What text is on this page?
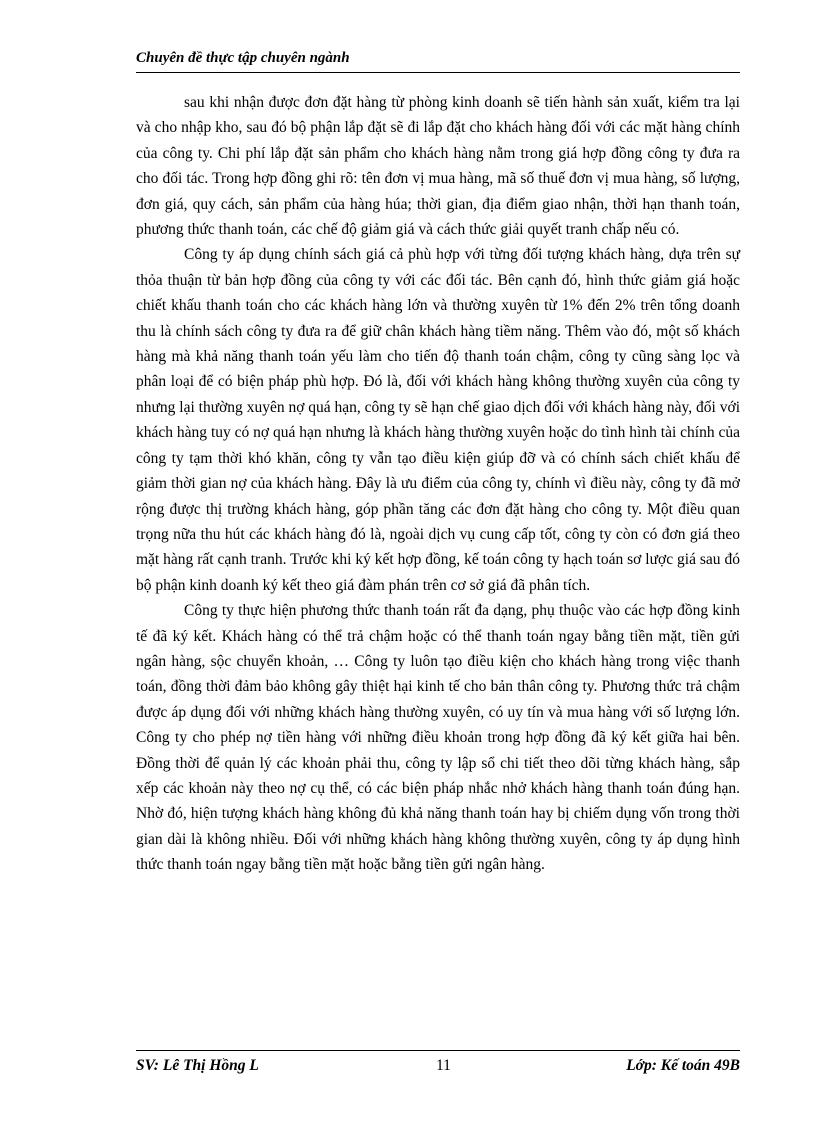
Chuyên đề thực tập chuyên ngành

sau khi nhận được đơn đặt hàng từ phòng kinh doanh sẽ tiến hành sản xuất, kiểm tra lại và cho nhập kho, sau đó bộ phận lắp đặt sẽ đi lắp đặt cho khách hàng đối với các mặt hàng chính của công ty. Chi phí lắp đặt sản phẩm cho khách hàng nằm trong giá hợp đồng công ty đưa ra cho đối tác. Trong hợp đồng ghi rõ: tên đơn vị mua hàng, mã số thuế đơn vị mua hàng, số lượng, đơn giá, quy cách, sản phẩm của hàng húa; thời gian, địa điểm giao nhận, thời hạn thanh toán, phương thức thanh toán, các chế độ giảm giá và cách thức giải quyết tranh chấp nếu có.

Công ty áp dụng chính sách giá cả phù hợp với từng đối tượng khách hàng, dựa trên sự thỏa thuận từ bản hợp đồng của công ty với các đối tác. Bên cạnh đó, hình thức giảm giá hoặc chiết khấu thanh toán cho các khách hàng lớn và thường xuyên từ 1% đến 2% trên tổng doanh thu là chính sách công ty đưa ra để giữ chân khách hàng tiềm năng. Thêm vào đó, một số khách hàng mà khả năng thanh toán yếu làm cho tiến độ thanh toán chậm, công ty cũng sàng lọc và phân loại để có biện pháp phù hợp. Đó là, đối với khách hàng không thường xuyên của công ty nhưng lại thường xuyên nợ quá hạn, công ty sẽ hạn chế giao dịch đối với khách hàng này, đối với khách hàng tuy có nợ quá hạn nhưng là khách hàng thường xuyên hoặc do tình hình tài chính của công ty tạm thời khó khăn, công ty vẫn tạo điều kiện giúp đỡ và có chính sách chiết khấu để giảm thời gian nợ của khách hàng. Đây là ưu điểm của công ty, chính vì điều này, công ty đã mở rộng được thị trường khách hàng, góp phần tăng các đơn đặt hàng cho công ty. Một điều quan trọng nữa thu hút các khách hàng đó là, ngoài dịch vụ cung cấp tốt, công ty còn có đơn giá theo mặt hàng rất cạnh tranh. Trước khi ký kết hợp đồng, kế toán công ty hạch toán sơ lược giá sau đó bộ phận kinh doanh ký kết theo giá đàm phán trên cơ sở giá đã phân tích.

Công ty thực hiện phương thức thanh toán rất đa dạng, phụ thuộc vào các hợp đồng kinh tế đã ký kết. Khách hàng có thể trả chậm hoặc có thể thanh toán ngay bằng tiền mặt, tiền gửi ngân hàng, sộc chuyển khoản, … Công ty luôn tạo điều kiện cho khách hàng trong việc thanh toán, đồng thời đảm bảo không gây thiệt hại kinh tế cho bản thân công ty. Phương thức trả chậm được áp dụng đối với những khách hàng thường xuyên, có uy tín và mua hàng với số lượng lớn. Công ty cho phép nợ tiền hàng với những điều khoản trong hợp đồng đã ký kết giữa hai bên. Đồng thời để quản lý các khoản phải thu, công ty lập sổ chi tiết theo dõi từng khách hàng, sắp xếp các khoản này theo nợ cụ thể, có các biện pháp nhắc nhở khách hàng thanh toán đúng hạn. Nhờ đó, hiện tượng khách hàng không đủ khả năng thanh toán hay bị chiếm dụng vốn trong thời gian dài là không nhiều. Đối với những khách hàng không thường xuyên, công ty áp dụng hình thức thanh toán ngay bằng tiền mặt hoặc bằng tiền gửi ngân hàng.

SV: Lê Thị Hồng L	11	Lớp: Kế toán 49B
